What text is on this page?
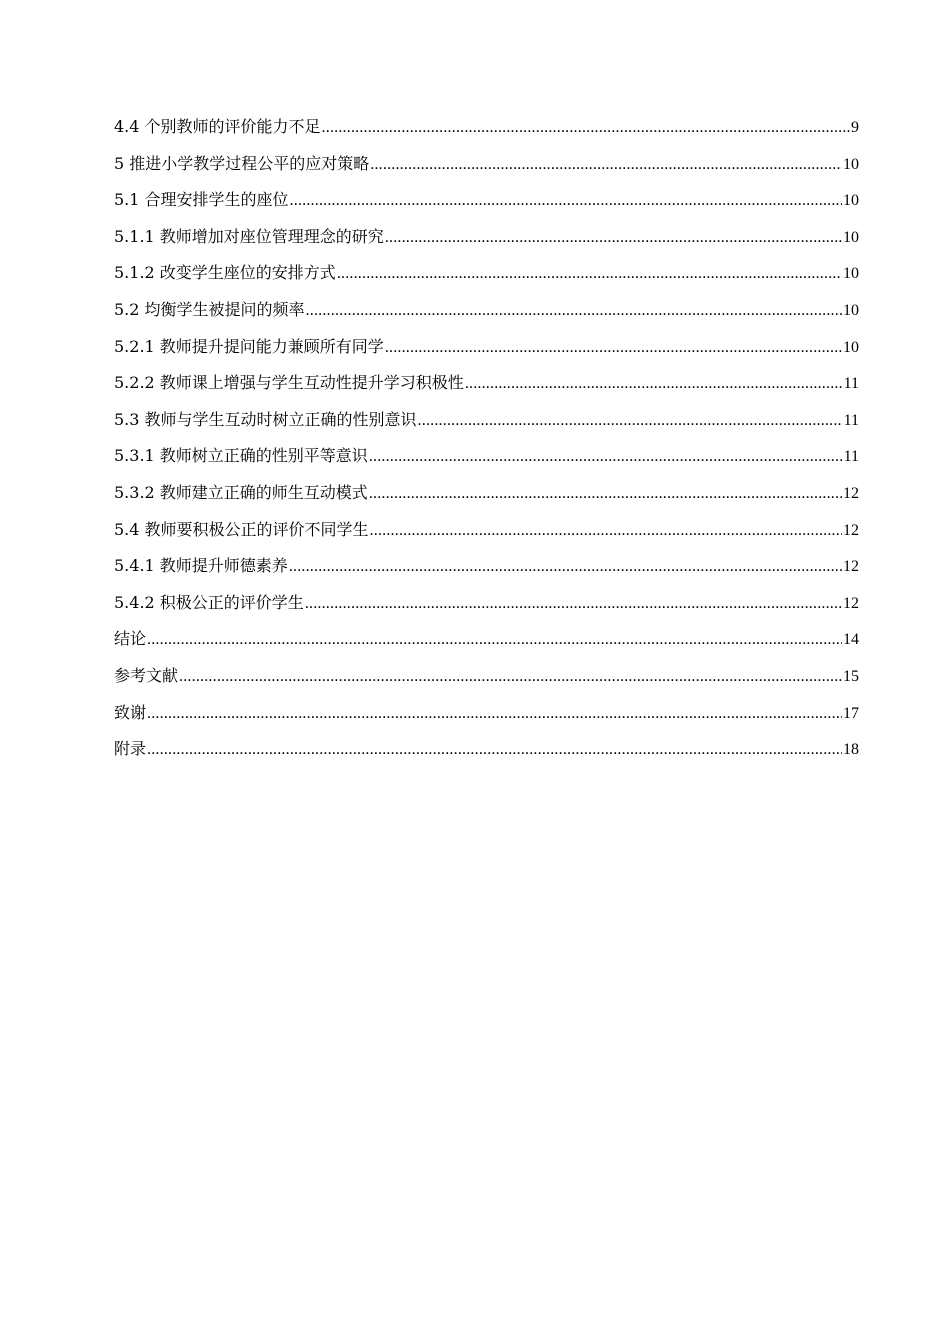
4.4 个别教师的评价能力不足 .....	9
5 推进小学教学过程公平的应对策略 .....	10
5.1 合理安排学生的座位 .....	10
5.1.1 教师增加对座位管理理念的研究 .....	10
5.1.2 改变学生座位的安排方式 .....	10
5.2 均衡学生被提问的频率 .....	10
5.2.1 教师提升提问能力兼顾所有同学 .....	10
5.2.2 教师课上增强与学生互动性提升学习积极性 .....	11
5.3 教师与学生互动时树立正确的性别意识 .....	11
5.3.1 教师树立正确的性别平等意识 .....	11
5.3.2 教师建立正确的师生互动模式 .....	12
5.4 教师要积极公正的评价不同学生 .....	12
5.4.1 教师提升师德素养 .....	12
5.4.2 积极公正的评价学生 .....	12
结论 .....	14
参考文献 .....	15
致谢 .....	17
附录 .....	18
